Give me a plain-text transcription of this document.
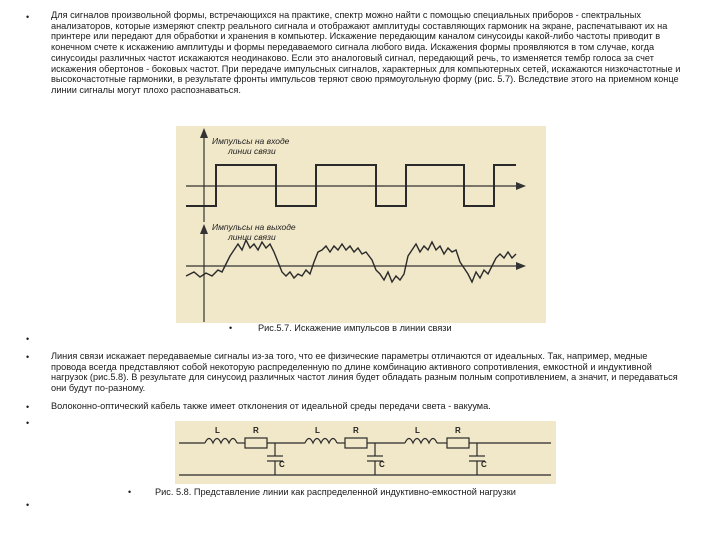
•
•
•
•
•
•

Для сигналов произвольной формы, встречающихся на практике, спектр можно найти с помощью специальных приборов - спектральных анализаторов, которые измеряют спектр реального сигнала и отображают амплитуды составляющих гармоник на экране, распечатывают их на принтере или передают для обработки и хранения в компьютер. Искажение передающим каналом синусоиды какой-либо частоты приводит в конечном счете к искажению амплитуды и формы передаваемого сигнала любого вида. Искажения формы проявляются в том случае, когда синусоиды различных частот искажаются неодинаково. Если это аналоговый сигнал, передающий речь, то изменяется тембр голоса за счет искажения обертонов - боковых частот. При передаче импульсных сигналов, характерных для компьютерных сетей, искажаются низкочастотные и высокочастотные гармоники, в результате фронты импульсов теряют свою прямоугольную форму (рис. 5.7). Вследствие этого на приемном конце линии сигналы могут плохо распознаваться.

Импульсы на входе
линии связи
Импульсы на выходе
линии связи
•	Рис.5.7. Искажение импульсов в линии связи

Линия связи искажает передаваемые сигналы из-за того, что ее физические параметры отличаются от идеальных. Так, например, медные провода всегда представляют собой некоторую распределенную по длине комбинацию активного сопротивления, емкостной и индуктивной нагрузок (рис.5.8). В результате для синусоид различных частот линия будет обладать разным полным сопротивлением, а значит, и передаваться они будут по-разному.

Волоконно-оптический кабель также имеет отклонения от идеальной среды передачи света - вакуума.

L	R	L	R	L	R
C	C	C
•	Рис. 5.8. Представление линии как распределенной индуктивно-емкостной нагрузки
